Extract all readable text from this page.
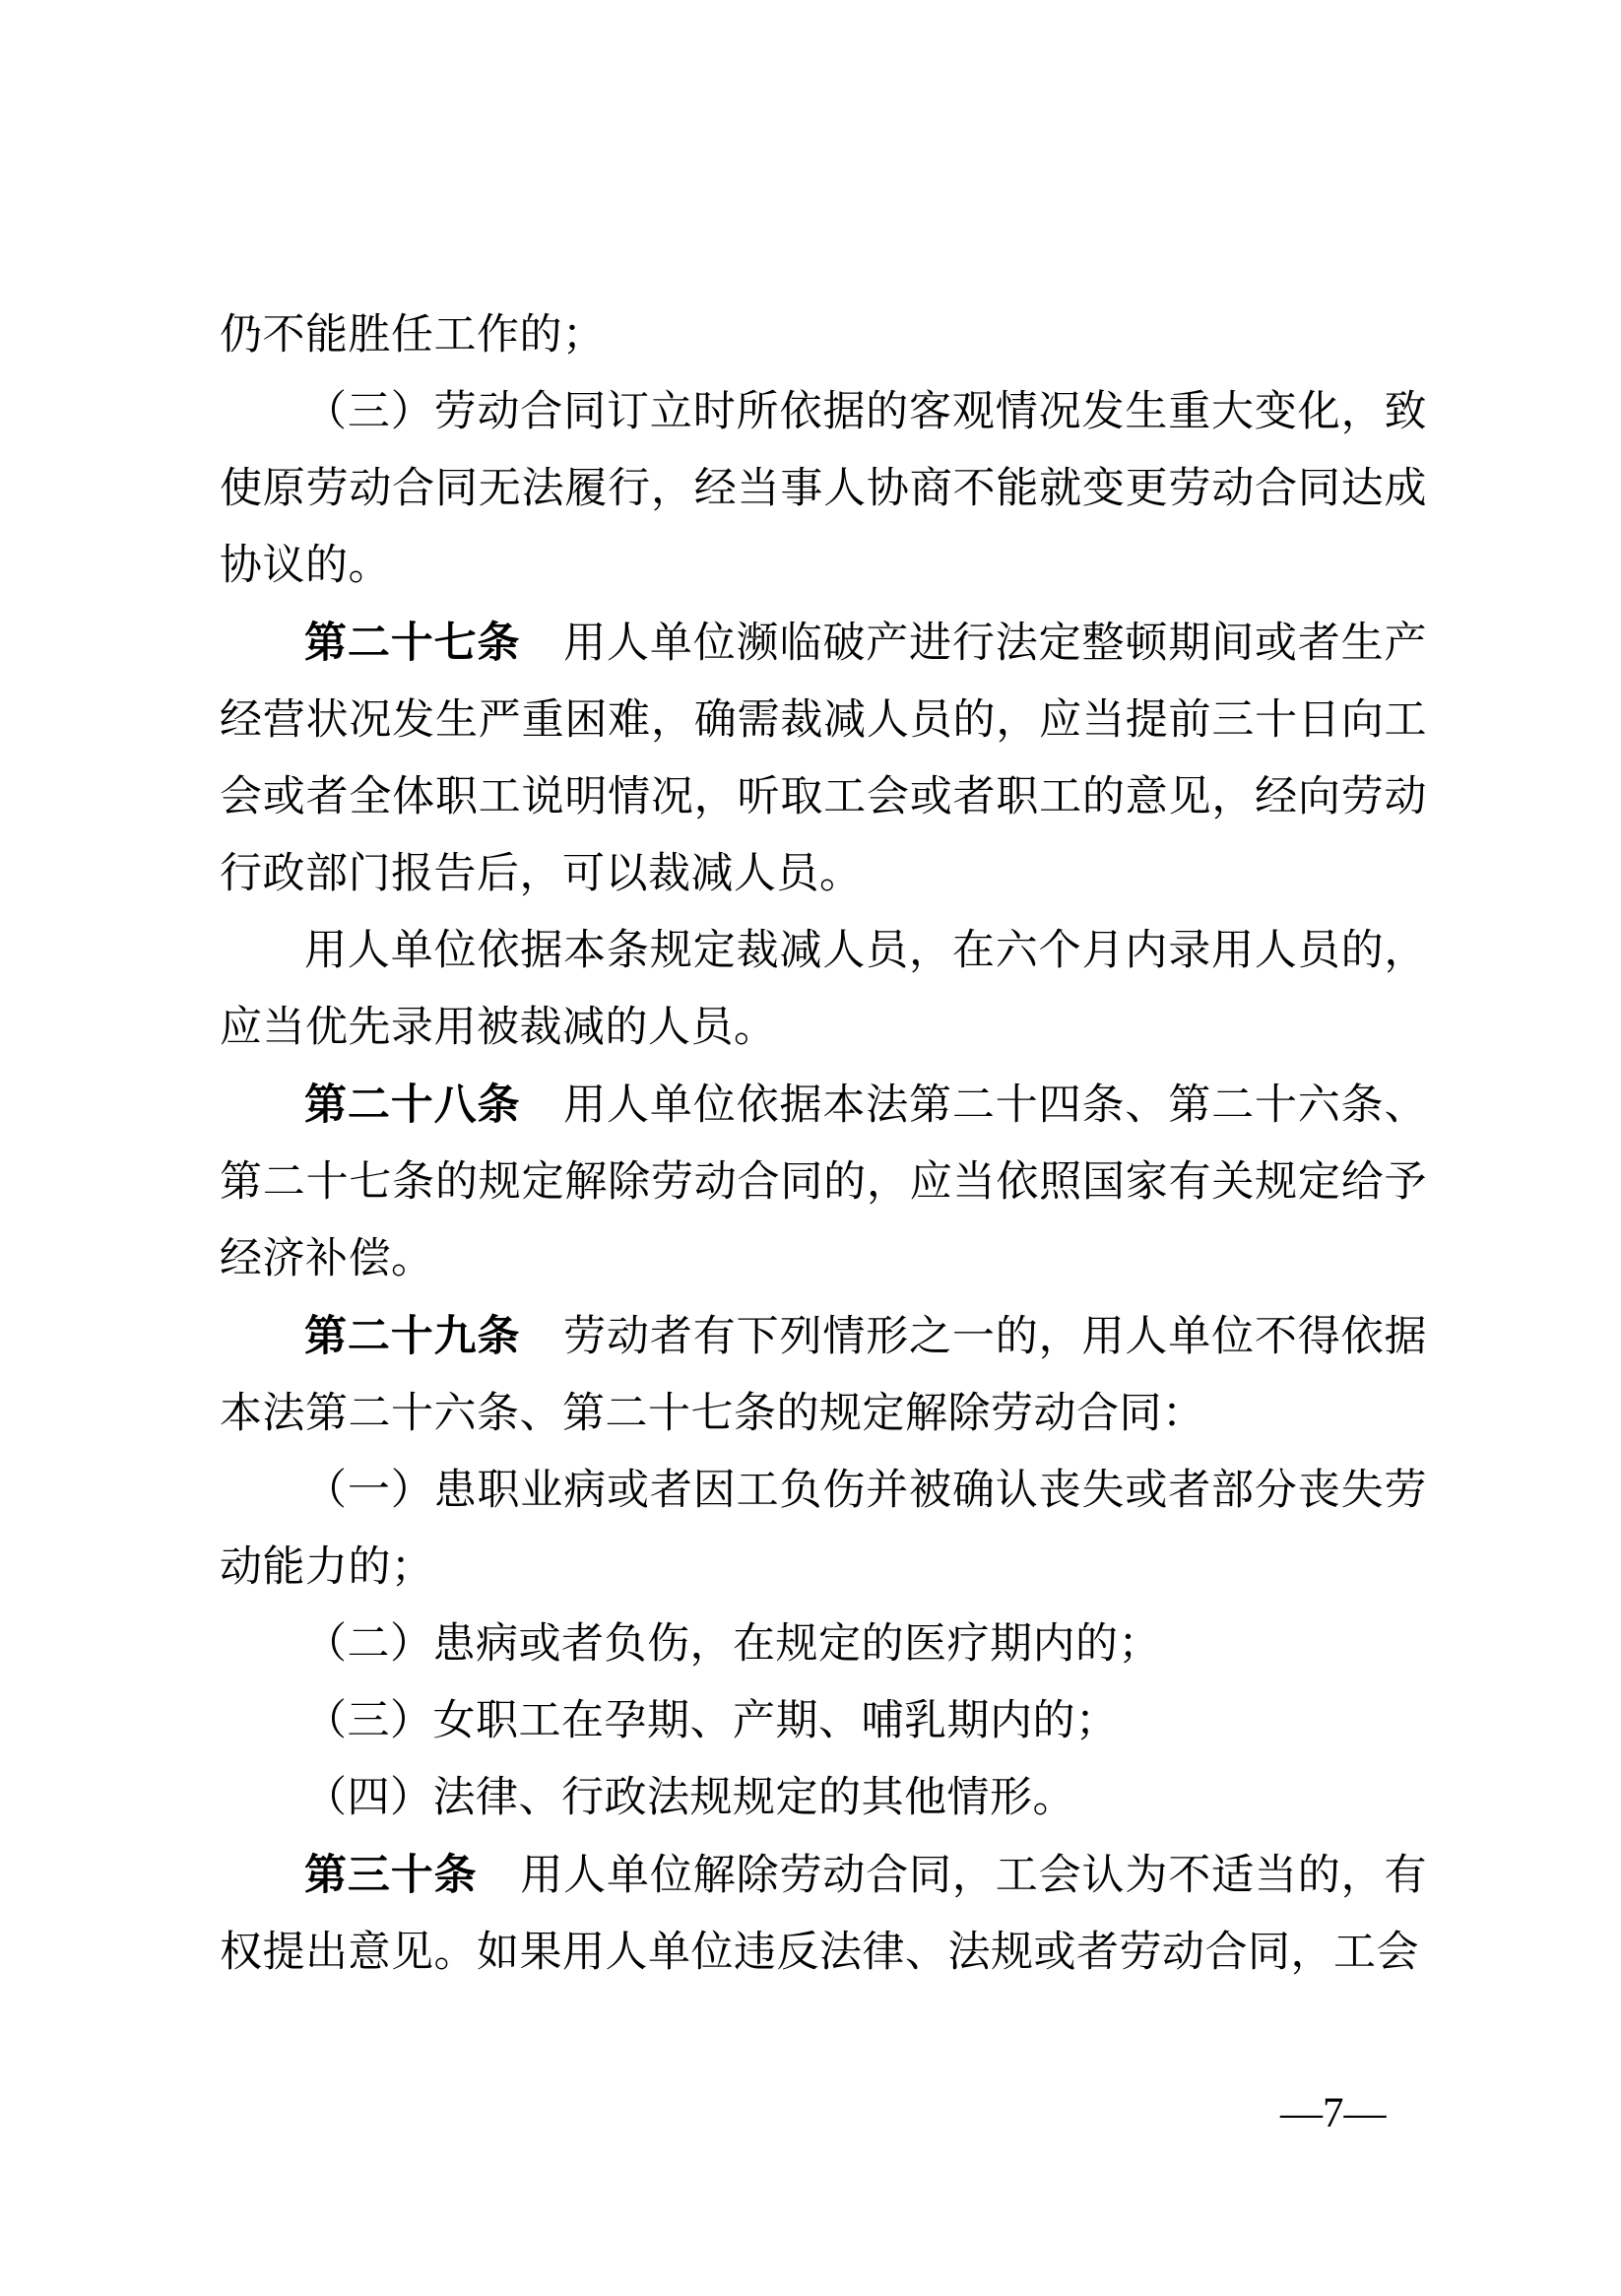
仍不能胜任工作的；

（三）劳动合同订立时所依据的客观情况发生重大变化，致使原劳动合同无法履行，经当事人协商不能就变更劳动合同达成协议的。

第二十七条　用人单位濒临破产进行法定整顿期间或者生产经营状况发生严重困难，确需裁减人员的，应当提前三十日向工会或者全体职工说明情况，听取工会或者职工的意见，经向劳动行政部门报告后，可以裁减人员。

用人单位依据本条规定裁减人员，在六个月内录用人员的，应当优先录用被裁减的人员。

第二十八条　用人单位依据本法第二十四条、第二十六条、第二十七条的规定解除劳动合同的，应当依照国家有关规定给予经济补偿。

第二十九条　劳动者有下列情形之一的，用人单位不得依据本法第二十六条、第二十七条的规定解除劳动合同：

（一）患职业病或者因工负伤并被确认丧失或者部分丧失劳动能力的；

（二）患病或者负伤，在规定的医疗期内的；

（三）女职工在孕期、产期、哺乳期内的；

（四）法律、行政法规规定的其他情形。

第三十条　用人单位解除劳动合同，工会认为不适当的，有权提出意见。如果用人单位违反法律、法规或者劳动合同，工会

—7—
